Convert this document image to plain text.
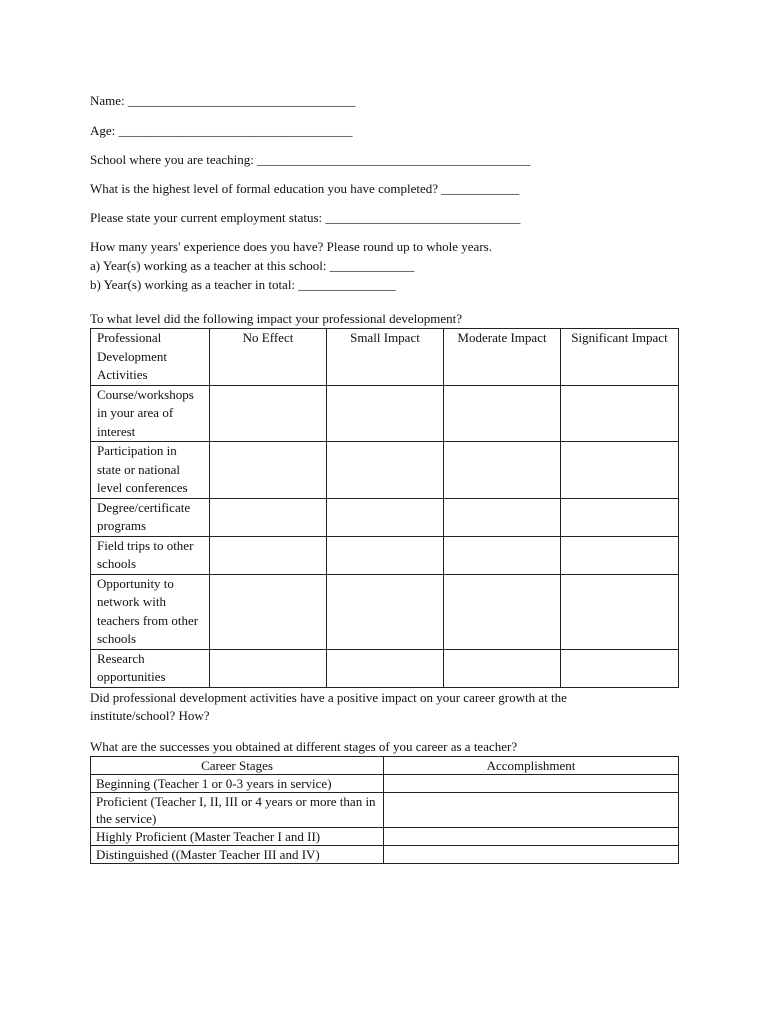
Name: ___________________________________
Age: ____________________________________
School where you are teaching: __________________________________________
What is the highest level of formal education you have completed? ____________
Please state your current employment status: ______________________________
How many years' experience does you have? Please round up to whole years.
a) Year(s) working as a teacher at this school: _____________
b) Year(s) working as a teacher in total: _______________
To what level did the following impact your professional development?
Professional Development Activities	No Effect	Small Impact	Moderate Impact	Significant Impact
Course/workshops in your area of interest				
Participation in state or national level conferences				
Degree/certificate programs				
Field trips to other schools				
Opportunity to network with teachers from other schools				
Research opportunities				
Did professional development activities have a positive impact on your career growth at the institute/school? How?
What are the successes you obtained at different stages of you career as a teacher?
Career Stages	Accomplishment
Beginning (Teacher 1 or 0-3 years in service)	
Proficient (Teacher I, II, III or 4 years or more than in the service)	
Highly Proficient (Master Teacher I and II)	
Distinguished ((Master Teacher III and IV)	
